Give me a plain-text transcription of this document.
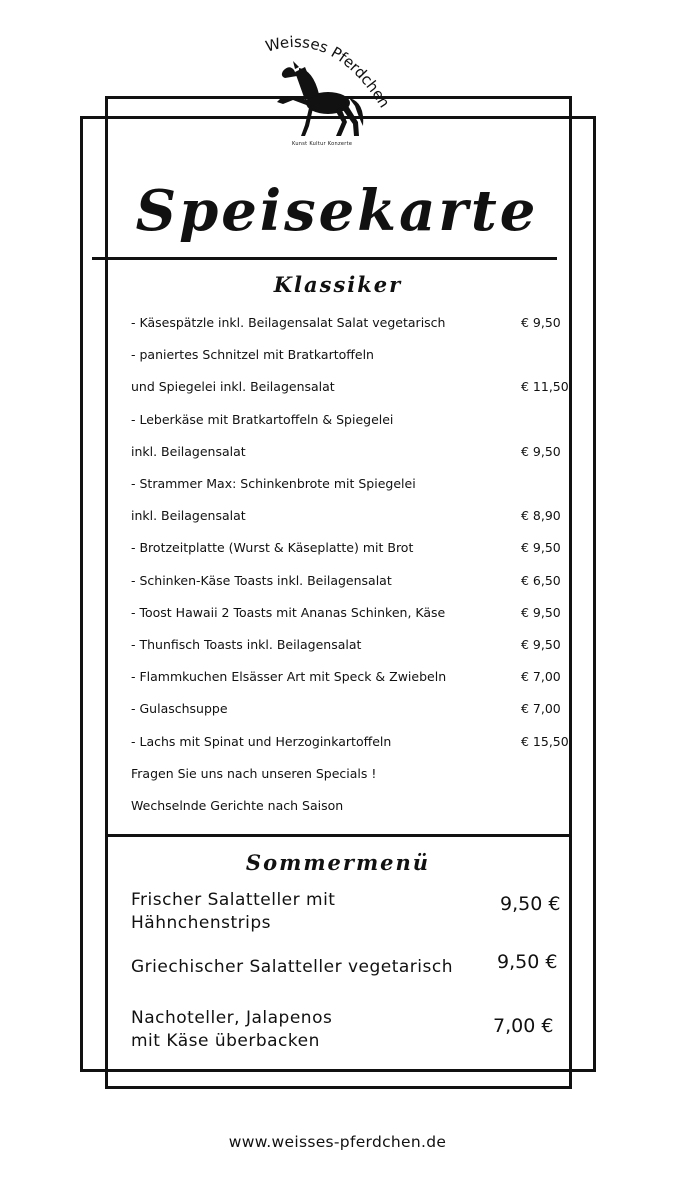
Weisses Pferdchen
Kunst Kultur Konzerte
Speisekarte
Klassiker
- Käsespätzle inkl. Beilagensalat Salat vegetarisch	€ 9,50
- paniertes Schnitzel mit Bratkartoffeln
und Spiegelei inkl. Beilagensalat	€ 11,50
- Leberkäse mit Bratkartoffeln & Spiegelei
inkl. Beilagensalat	€ 9,50
- Strammer Max: Schinkenbrote mit Spiegelei
inkl. Beilagensalat	€ 8,90
- Brotzeitplatte (Wurst & Käseplatte) mit Brot	€ 9,50
- Schinken-Käse Toasts inkl. Beilagensalat	€ 6,50
- Toost Hawaii 2 Toasts mit Ananas Schinken, Käse	€ 9,50
- Thunfisch Toasts inkl. Beilagensalat	€ 9,50
- Flammkuchen Elsässer Art mit Speck & Zwiebeln	€ 7,00
- Gulaschsuppe	€ 7,00
- Lachs mit Spinat und Herzoginkartoffeln	€ 15,50
Fragen Sie uns nach unseren Specials !
Wechselnde Gerichte nach Saison
Sommermenü
Frischer Salatteller mit
Hähnchenstrips
9,50 €
Griechischer Salatteller vegetarisch	9,50 €
Nachoteller, Jalapenos
mit Käse überbacken
7,00 €
www.weisses-pferdchen.de
